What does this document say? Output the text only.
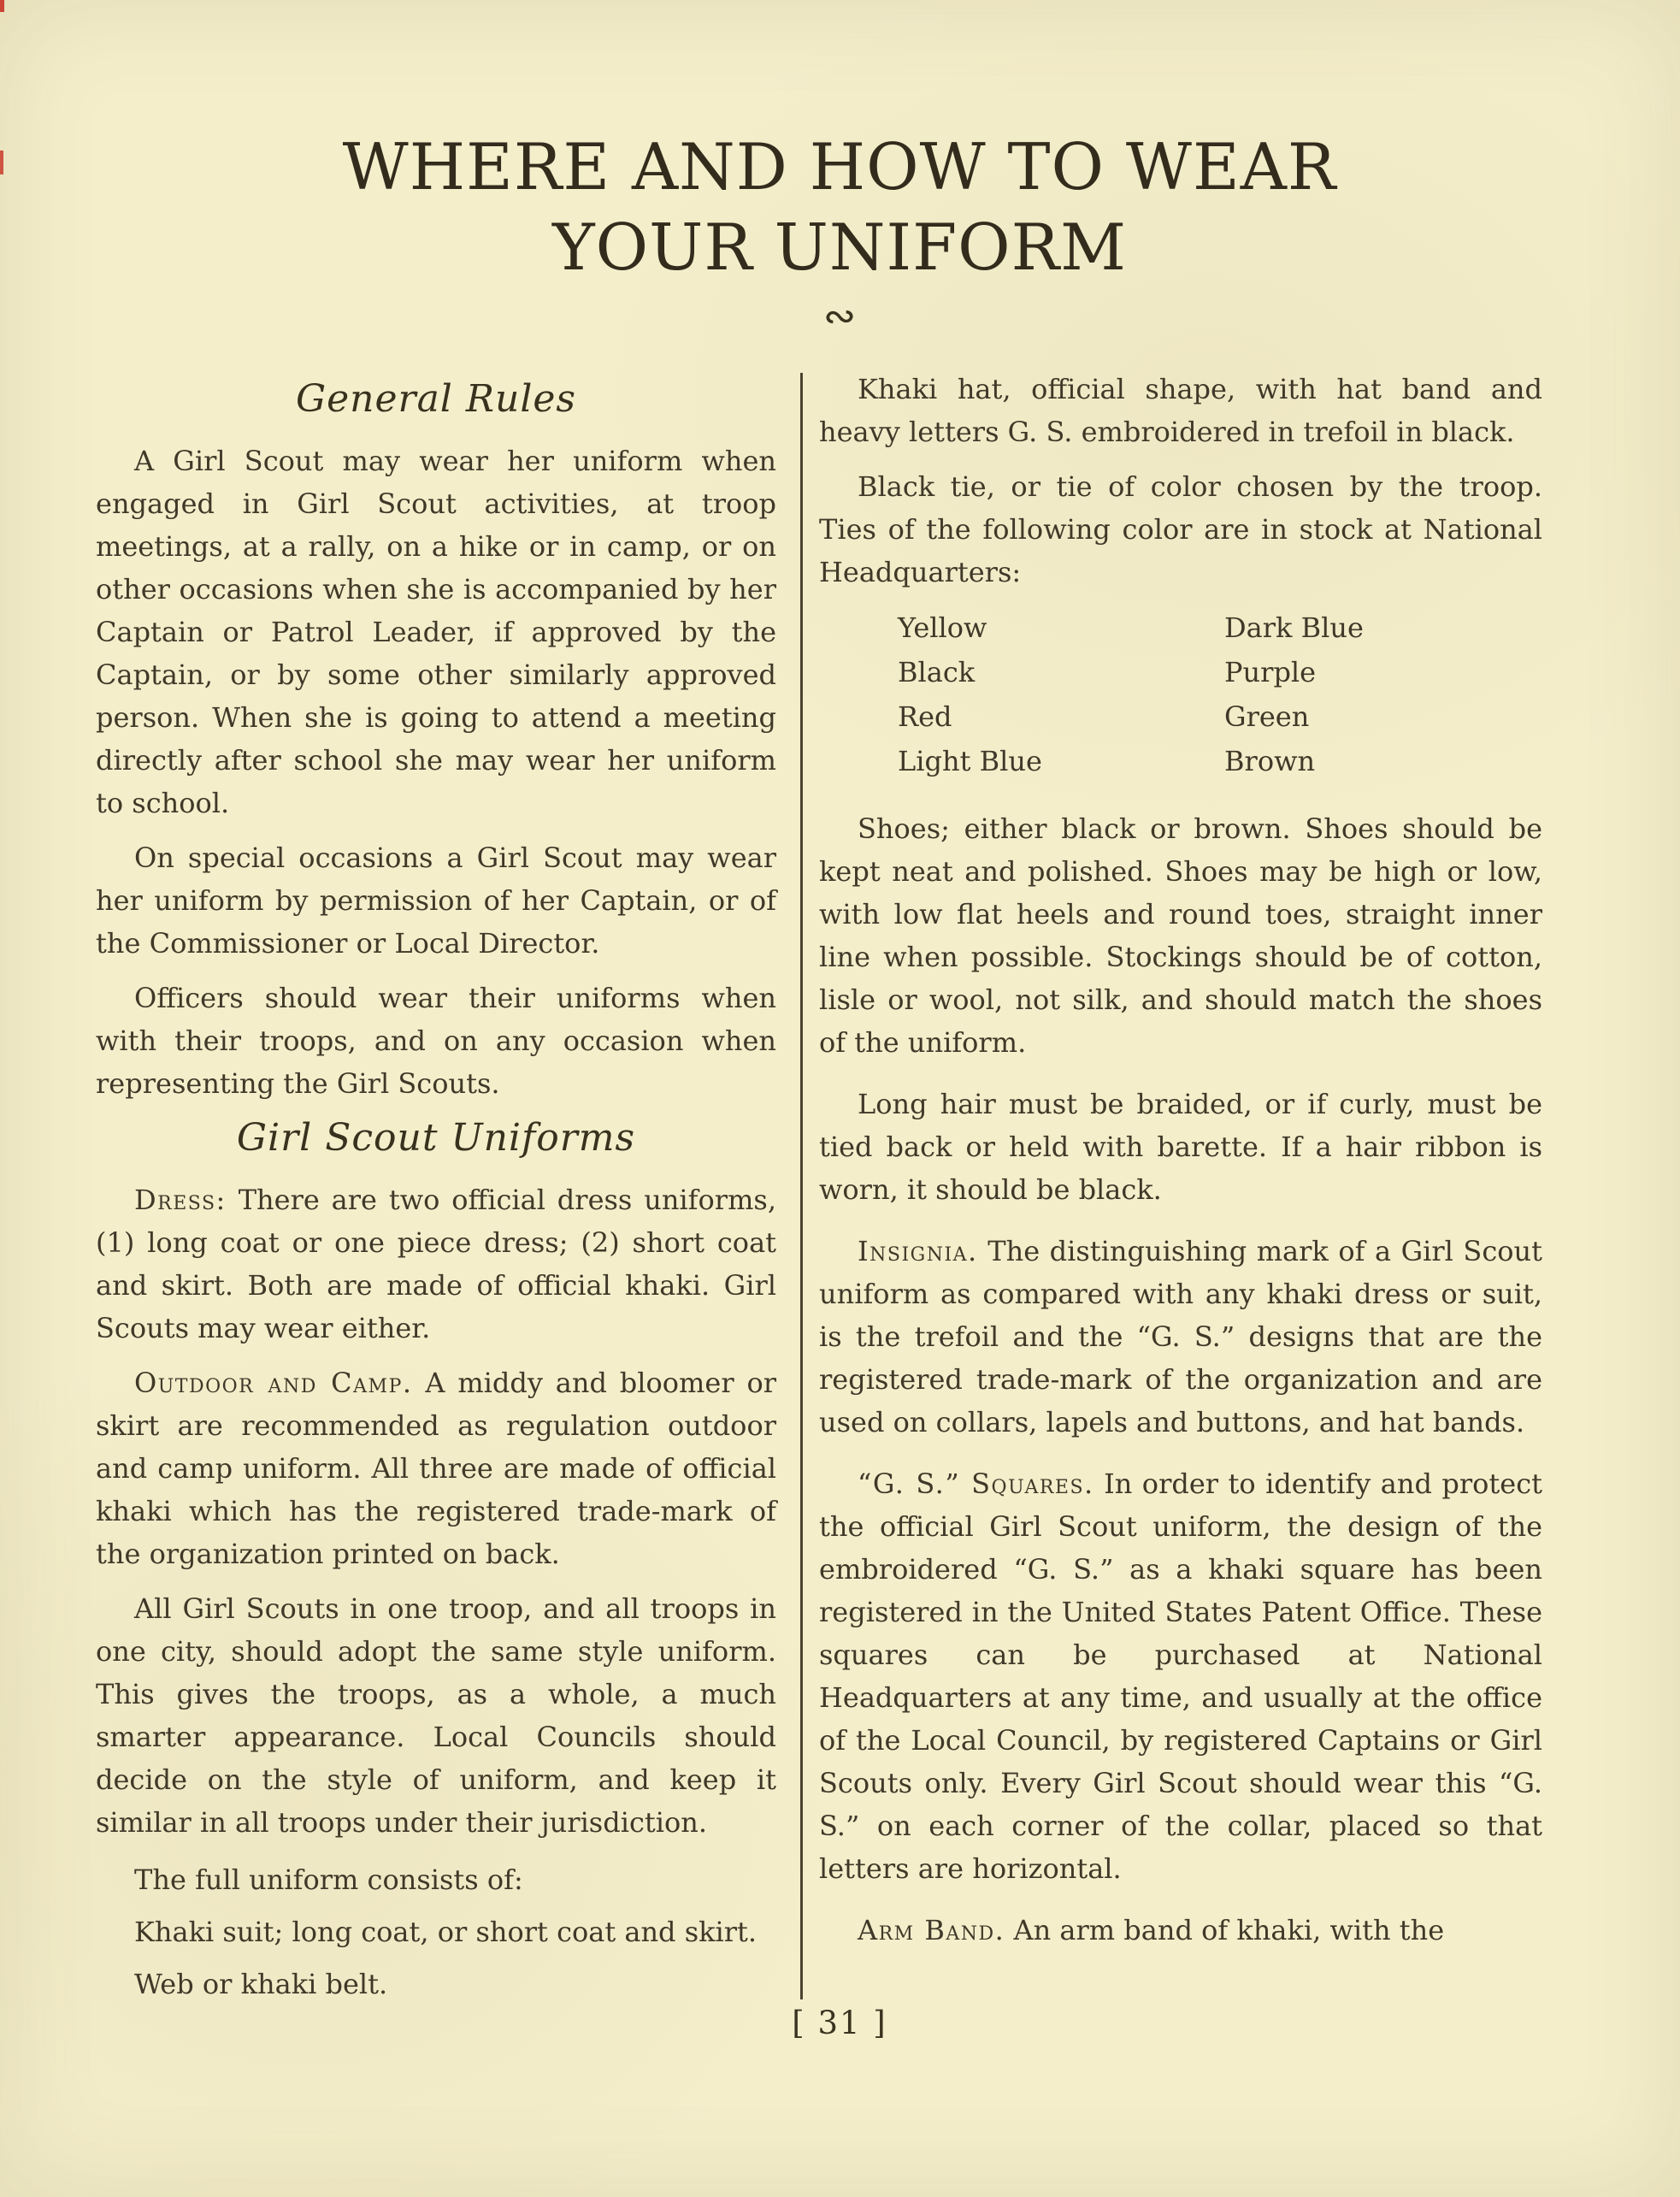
WHERE AND HOW TO WEAR
YOUR UNIFORM
∾
General Rules

A Girl Scout may wear her uniform when engaged in Girl Scout activities, at troop meetings, at a rally, on a hike or in camp, or on other occasions when she is accompanied by her Captain or Patrol Leader, if approved by the Captain, or by some other similarly approved person. When she is going to attend a meeting directly after school she may wear her uniform to school.

On special occasions a Girl Scout may wear her uniform by permission of her Captain, or of the Commissioner or Local Director.

Officers should wear their uniforms when with their troops, and on any occasion when representing the Girl Scouts.

Girl Scout Uniforms

Dress: There are two official dress uniforms, (1) long coat or one piece dress; (2) short coat and skirt. Both are made of official khaki. Girl Scouts may wear either.

Outdoor and Camp. A middy and bloomer or skirt are recommended as regulation outdoor and camp uniform. All three are made of official khaki which has the registered trade-mark of the organization printed on back.

All Girl Scouts in one troop, and all troops in one city, should adopt the same style uniform. This gives the troops, as a whole, a much smarter appearance. Local Councils should decide on the style of uniform, and keep it similar in all troops under their jurisdiction.

The full uniform consists of:

Khaki suit; long coat, or short coat and skirt.

Web or khaki belt.

Khaki hat, official shape, with hat band and heavy letters G. S. embroidered in trefoil in black.

Black tie, or tie of color chosen by the troop. Ties of the following color are in stock at National Headquarters:

Yellow	Dark Blue
Black	Purple
Red	Green
Light Blue	Brown

Shoes; either black or brown. Shoes should be kept neat and polished. Shoes may be high or low, with low flat heels and round toes, straight inner line when possible. Stockings should be of cotton, lisle or wool, not silk, and should match the shoes of the uniform.

Long hair must be braided, or if curly, must be tied back or held with barette. If a hair ribbon is worn, it should be black.

Insignia. The distinguishing mark of a Girl Scout uniform as compared with any khaki dress or suit, is the trefoil and the “G. S.” designs that are the registered trade-mark of the organization and are used on collars, lapels and buttons, and hat bands.

“G. S.” Squares. In order to identify and protect the official Girl Scout uniform, the design of the embroidered “G. S.” as a khaki square has been registered in the United States Patent Office. These squares can be purchased at National Headquarters at any time, and usually at the office of the Local Council, by registered Captains or Girl Scouts only. Every Girl Scout should wear this “G. S.” on each corner of the collar, placed so that letters are horizontal.

Arm Band. An arm band of khaki, with the

[ 31 ]
